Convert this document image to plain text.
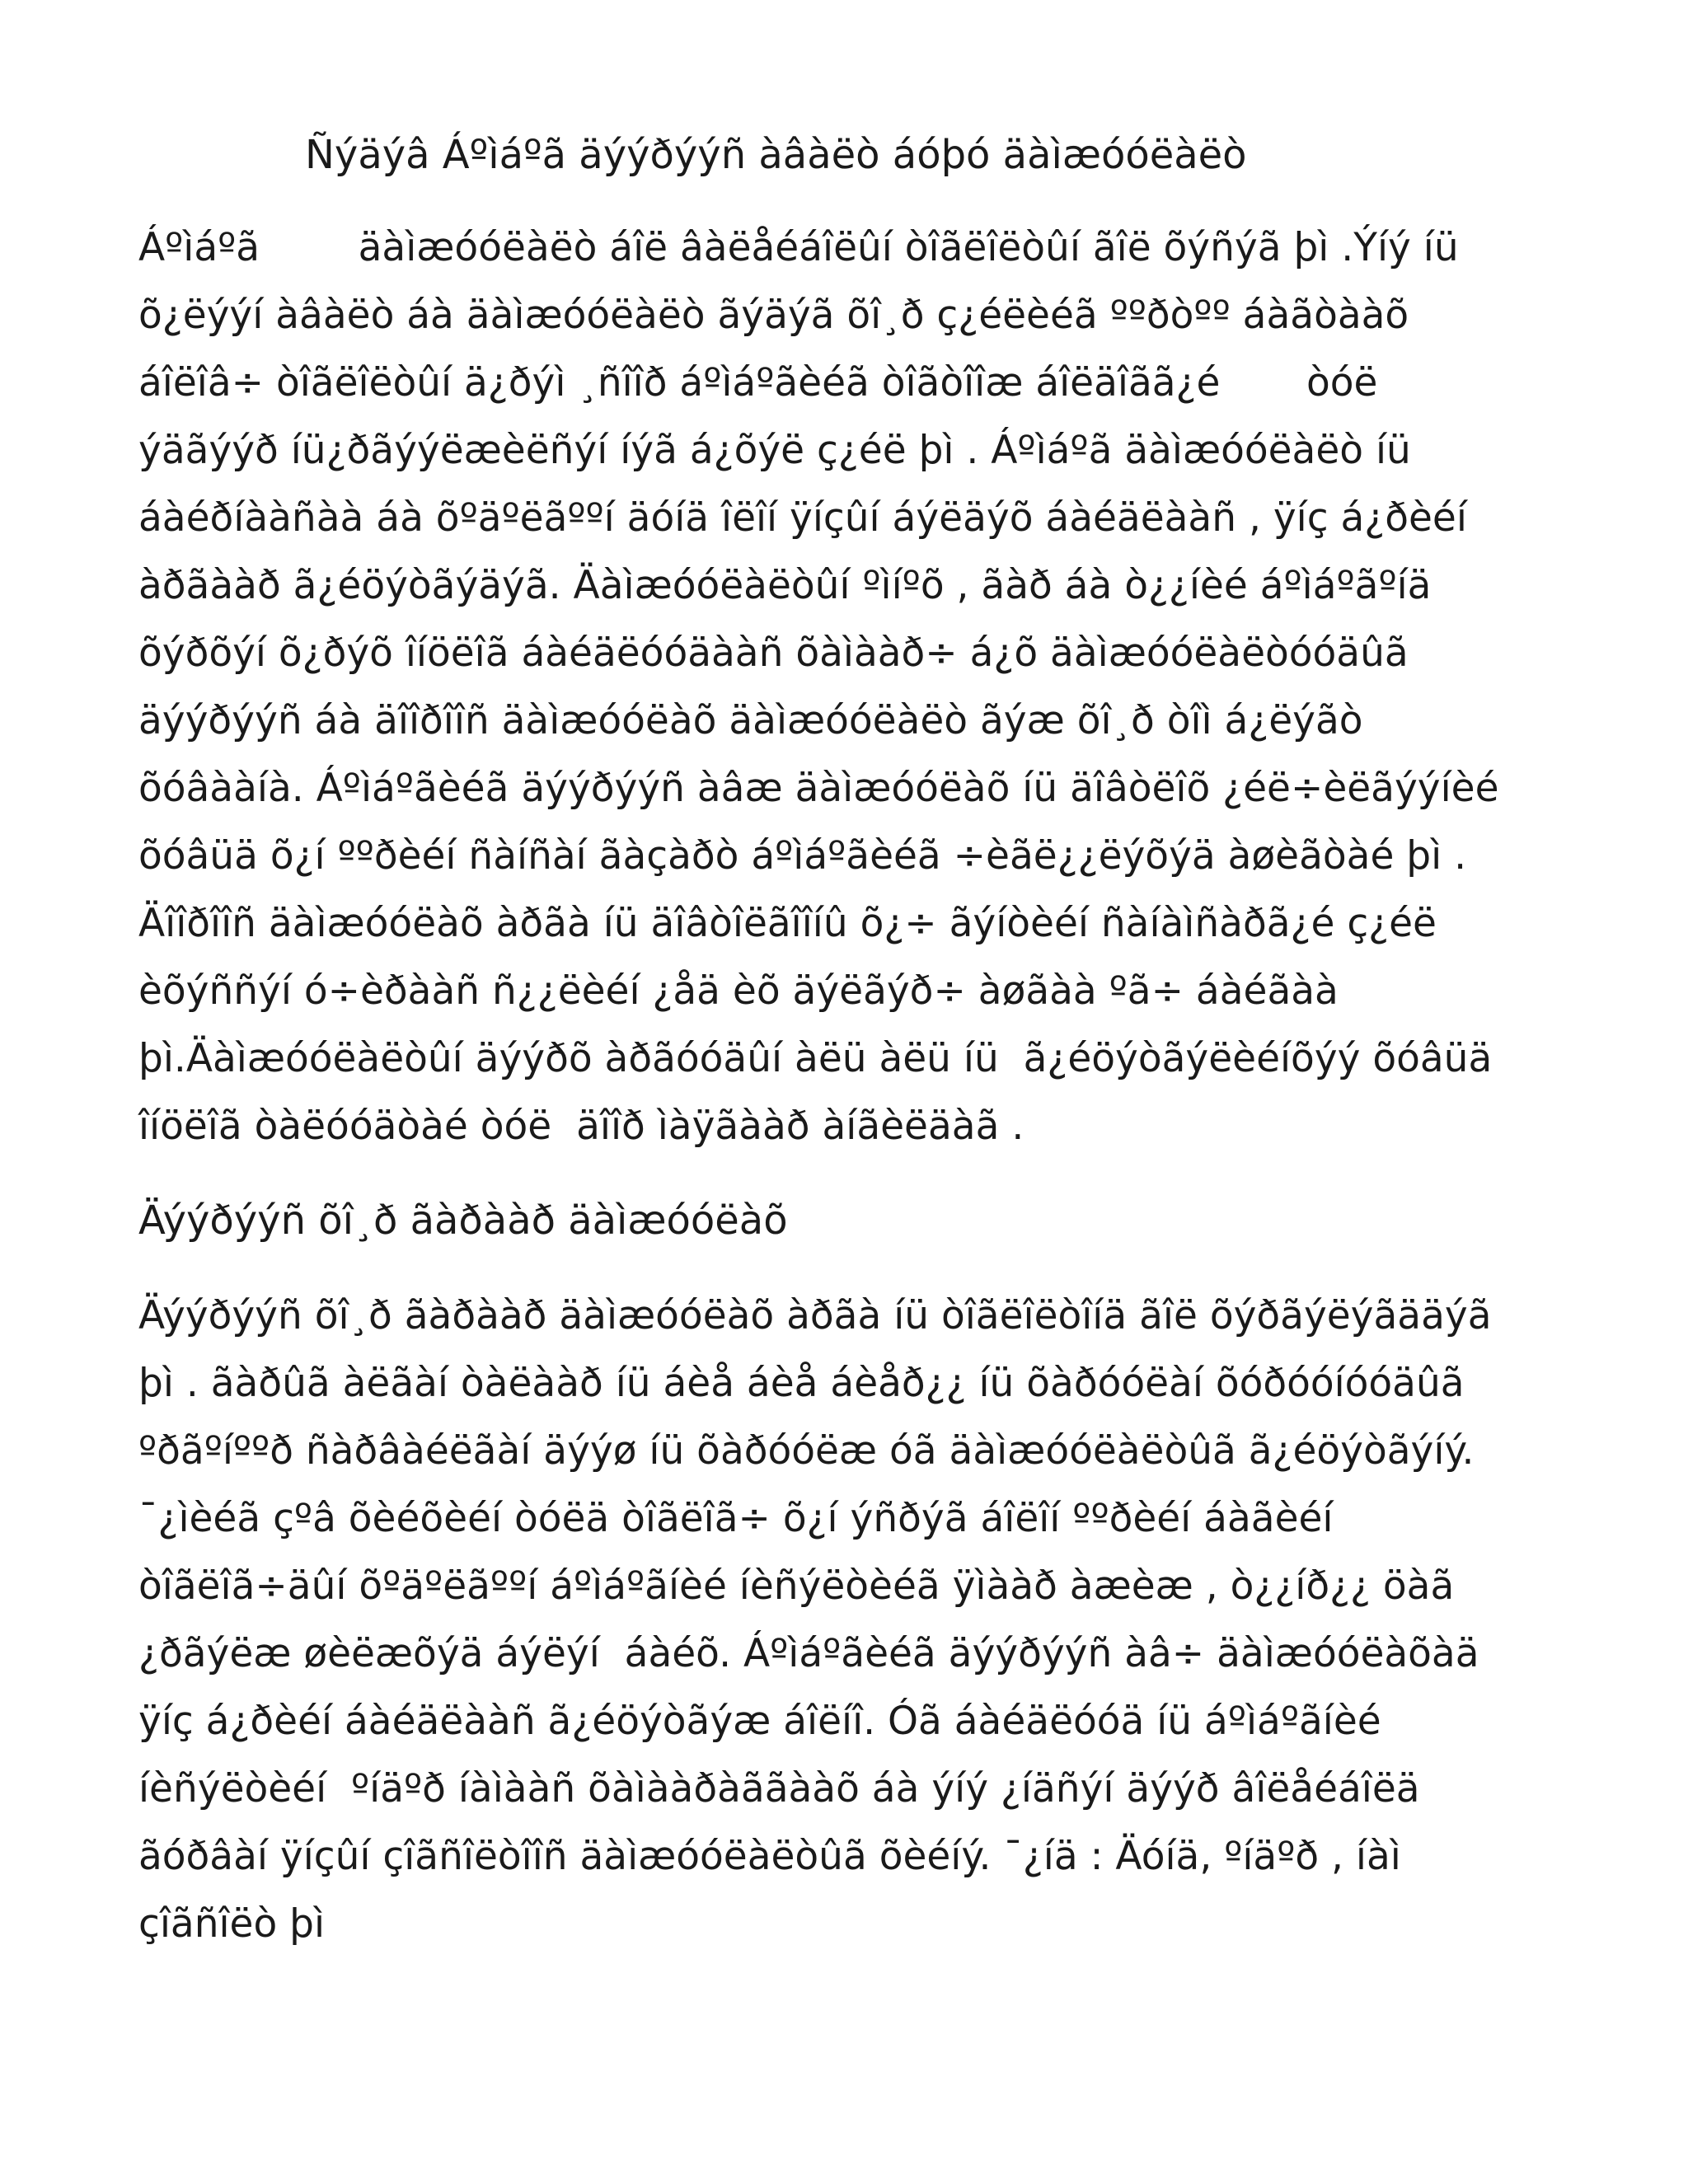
Ñýäýâ Áºìáºã äýýðýýñ àâàëò áóþó äàìæóóëàëò
Áºìáºã        äàìæóóëàëò áîë âàëåéáîëûí òîãëîëòûí ãîë õýñýã þì .Ýíý íü
õ¿ëýýí àâàëò áà äàìæóóëàëò ãýäýã õî¸ð ç¿éëèéã ººðòºº áàãòààõ
áîëîâ÷ òîãëîëòûí ä¿ðýì ¸ñîîð áºìáºãèéã òîãòîîæ áîëäîãã¿é       òóë
ýäãýýð íü¿ðãýýëæèëñýí íýã á¿õýë ç¿éë þì . Áºìáºã äàìæóóëàëò íü
áàéðíààñàà áà õºäºëãººí äóíä îëîí ÿíçûí áýëäýõ áàéäëààñ , ÿíç á¿ðèéí
àðãààð ã¿éöýòãýäýã. Äàìæóóëàëòûí ºìíºõ , ãàð áà ò¿¿íèé áºìáºãºíä
õýðõýí õ¿ðýõ îíöëîã áàéäëóóäààñ õàìààð÷ á¿õ äàìæóóëàëòóóäûã
äýýðýýñ áà äîîðîîñ äàìæóóëàõ äàìæóóëàëò ãýæ õî¸ð òîì á¿ëýãò
õóâààíà. Áºìáºãèéã äýýðýýñ àâæ äàìæóóëàõ íü äîâòëîõ ¿éë÷èëãýýíèé
õóâüä õ¿í ººðèéí ñàíñàí ãàçàðò áºìáºãèéã ÷èãë¿¿ëýõýä àøèãòàé þì .
Äîîðîîñ äàìæóóëàõ àðãà íü äîâòîëãîîíû õ¿÷ ãýíòèéí ñàíàìñàðã¿é ç¿éë
èõýññýí ó÷èðààñ ñ¿¿ëèéí ¿åä èõ äýëãýð÷ àøãàà ºã÷ áàéãàà
þì.Äàìæóóëàëòûí äýýðõ àðãóóäûí àëü àëü íü  ã¿éöýòãýëèéíõýý õóâüä
îíöëîã òàëóóäòàé òóë  äîîð ìàÿãààð àíãèëäàã .
Äýýðýýñ õî¸ð ãàðààð äàìæóóëàõ
Äýýðýýñ õî¸ð ãàðààð äàìæóóëàõ àðãà íü òîãëîëòîíä ãîë õýðãýëýãääýã
þì . ãàðûã àëãàí òàëààð íü áèå áèå áèåð¿¿ íü õàðóóëàí õóðóóíóóäûã
ºðãºíººð ñàðâàéëãàí äýýø íü õàðóóëæ óã äàìæóóëàëòûã ã¿éöýòãýíý.
¯¿ìèéã çºâ õèéõèéí òóëä òîãëîã÷ õ¿í ýñðýã áîëîí ººðèéí áàãèéí
òîãëîã÷äûí õºäºëãººí áºìáºãíèé íèñýëòèéã ÿìààð àæèæ , ò¿¿íð¿¿ öàã
¿ðãýëæ øèëæõýä áýëýí  áàéõ. Áºìáºãèéã äýýðýýñ àâ÷ äàìæóóëàõàä
ÿíç á¿ðèéí áàéäëààñ ã¿éöýòãýæ áîëíî. Óã áàéäëóóä íü áºìáºãíèé
íèñýëòèéí  ºíäºð íàìààñ õàìààðàããààõ áà ýíý ¿íäñýí äýýð âîëåéáîëä
ãóðâàí ÿíçûí çîãñîëòîîñ äàìæóóëàëòûã õèéíý. ¯¿íä : Äóíä, ºíäºð , íàì
çîãñîëò þì
